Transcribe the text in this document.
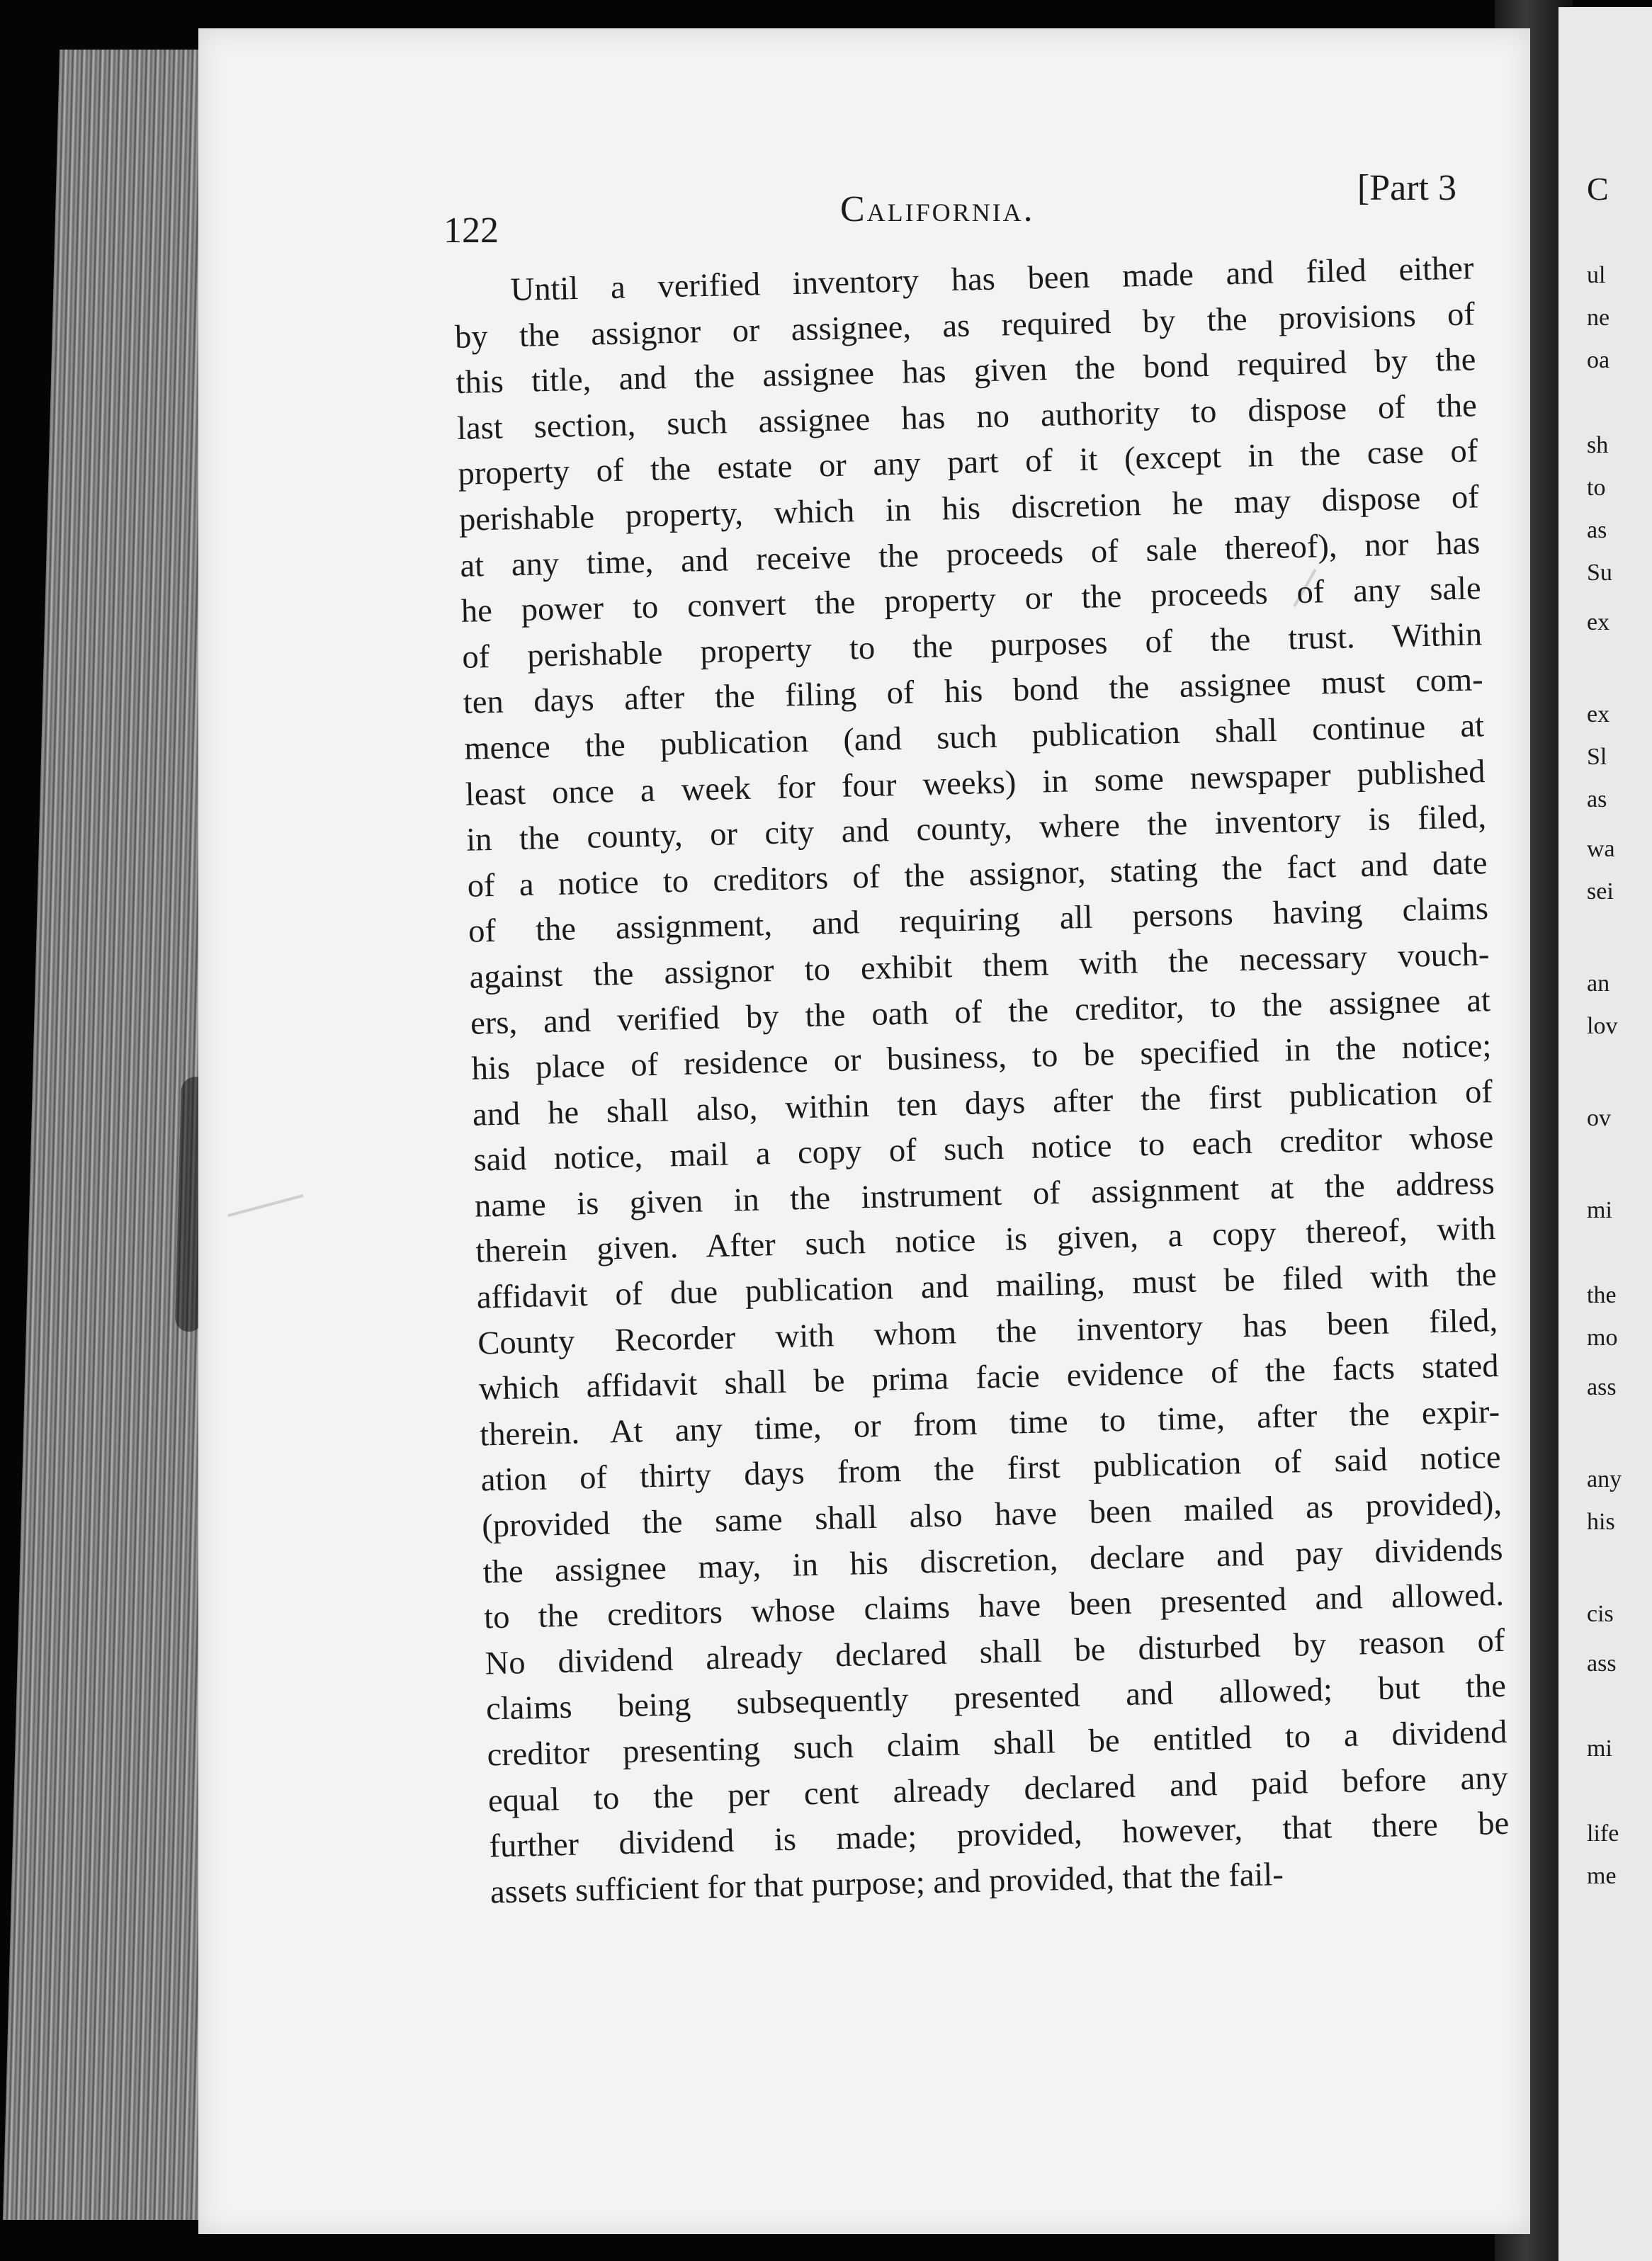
122
California.
[Part 3
Until a verified inventory has been made and filed either
by the assignor or assignee, as required by the provisions of
this title, and the assignee has given the bond required by the
last section, such assignee has no authority to dispose of the
property of the estate or any part of it (except in the case of
perishable property, which in his discretion he may dispose of
at any time, and receive the proceeds of sale thereof), nor has
he power to convert the property or the proceeds of any sale
of perishable property to the purposes of the trust. Within
ten days after the filing of his bond the assignee must com-
mence the publication (and such publication shall continue at
least once a week for four weeks) in some newspaper published
in the county, or city and county, where the inventory is filed,
of a notice to creditors of the assignor, stating the fact and date
of the assignment, and requiring all persons having claims
against the assignor to exhibit them with the necessary vouch-
ers, and verified by the oath of the creditor, to the assignee at
his place of residence or business, to be specified in the notice;
and he shall also, within ten days after the first publication of
said notice, mail a copy of such notice to each creditor whose
name is given in the instrument of assignment at the address
therein given. After such notice is given, a copy thereof, with
affidavit of due publication and mailing, must be filed with the
County Recorder with whom the inventory has been filed,
which affidavit shall be prima facie evidence of the facts stated
therein. At any time, or from time to time, after the expir-
ation of thirty days from the first publication of said notice
(provided the same shall also have been mailed as provided),
the assignee may, in his discretion, declare and pay dividends
to the creditors whose claims have been presented and allowed.
No dividend already declared shall be disturbed by reason of
claims being subsequently presented and allowed; but the
creditor presenting such claim shall be entitled to a dividend
equal to the per cent already declared and paid before any
further dividend is made; provided, however, that there be
assets sufficient for that purpose; and provided, that the fail-
C
ul
ne
oa
sh
to
as
Su
ex
ex
Sl
as
wa
sei
an
lov
ov
mi
the
mo
ass
any
his
cis
ass
mi
life
me
